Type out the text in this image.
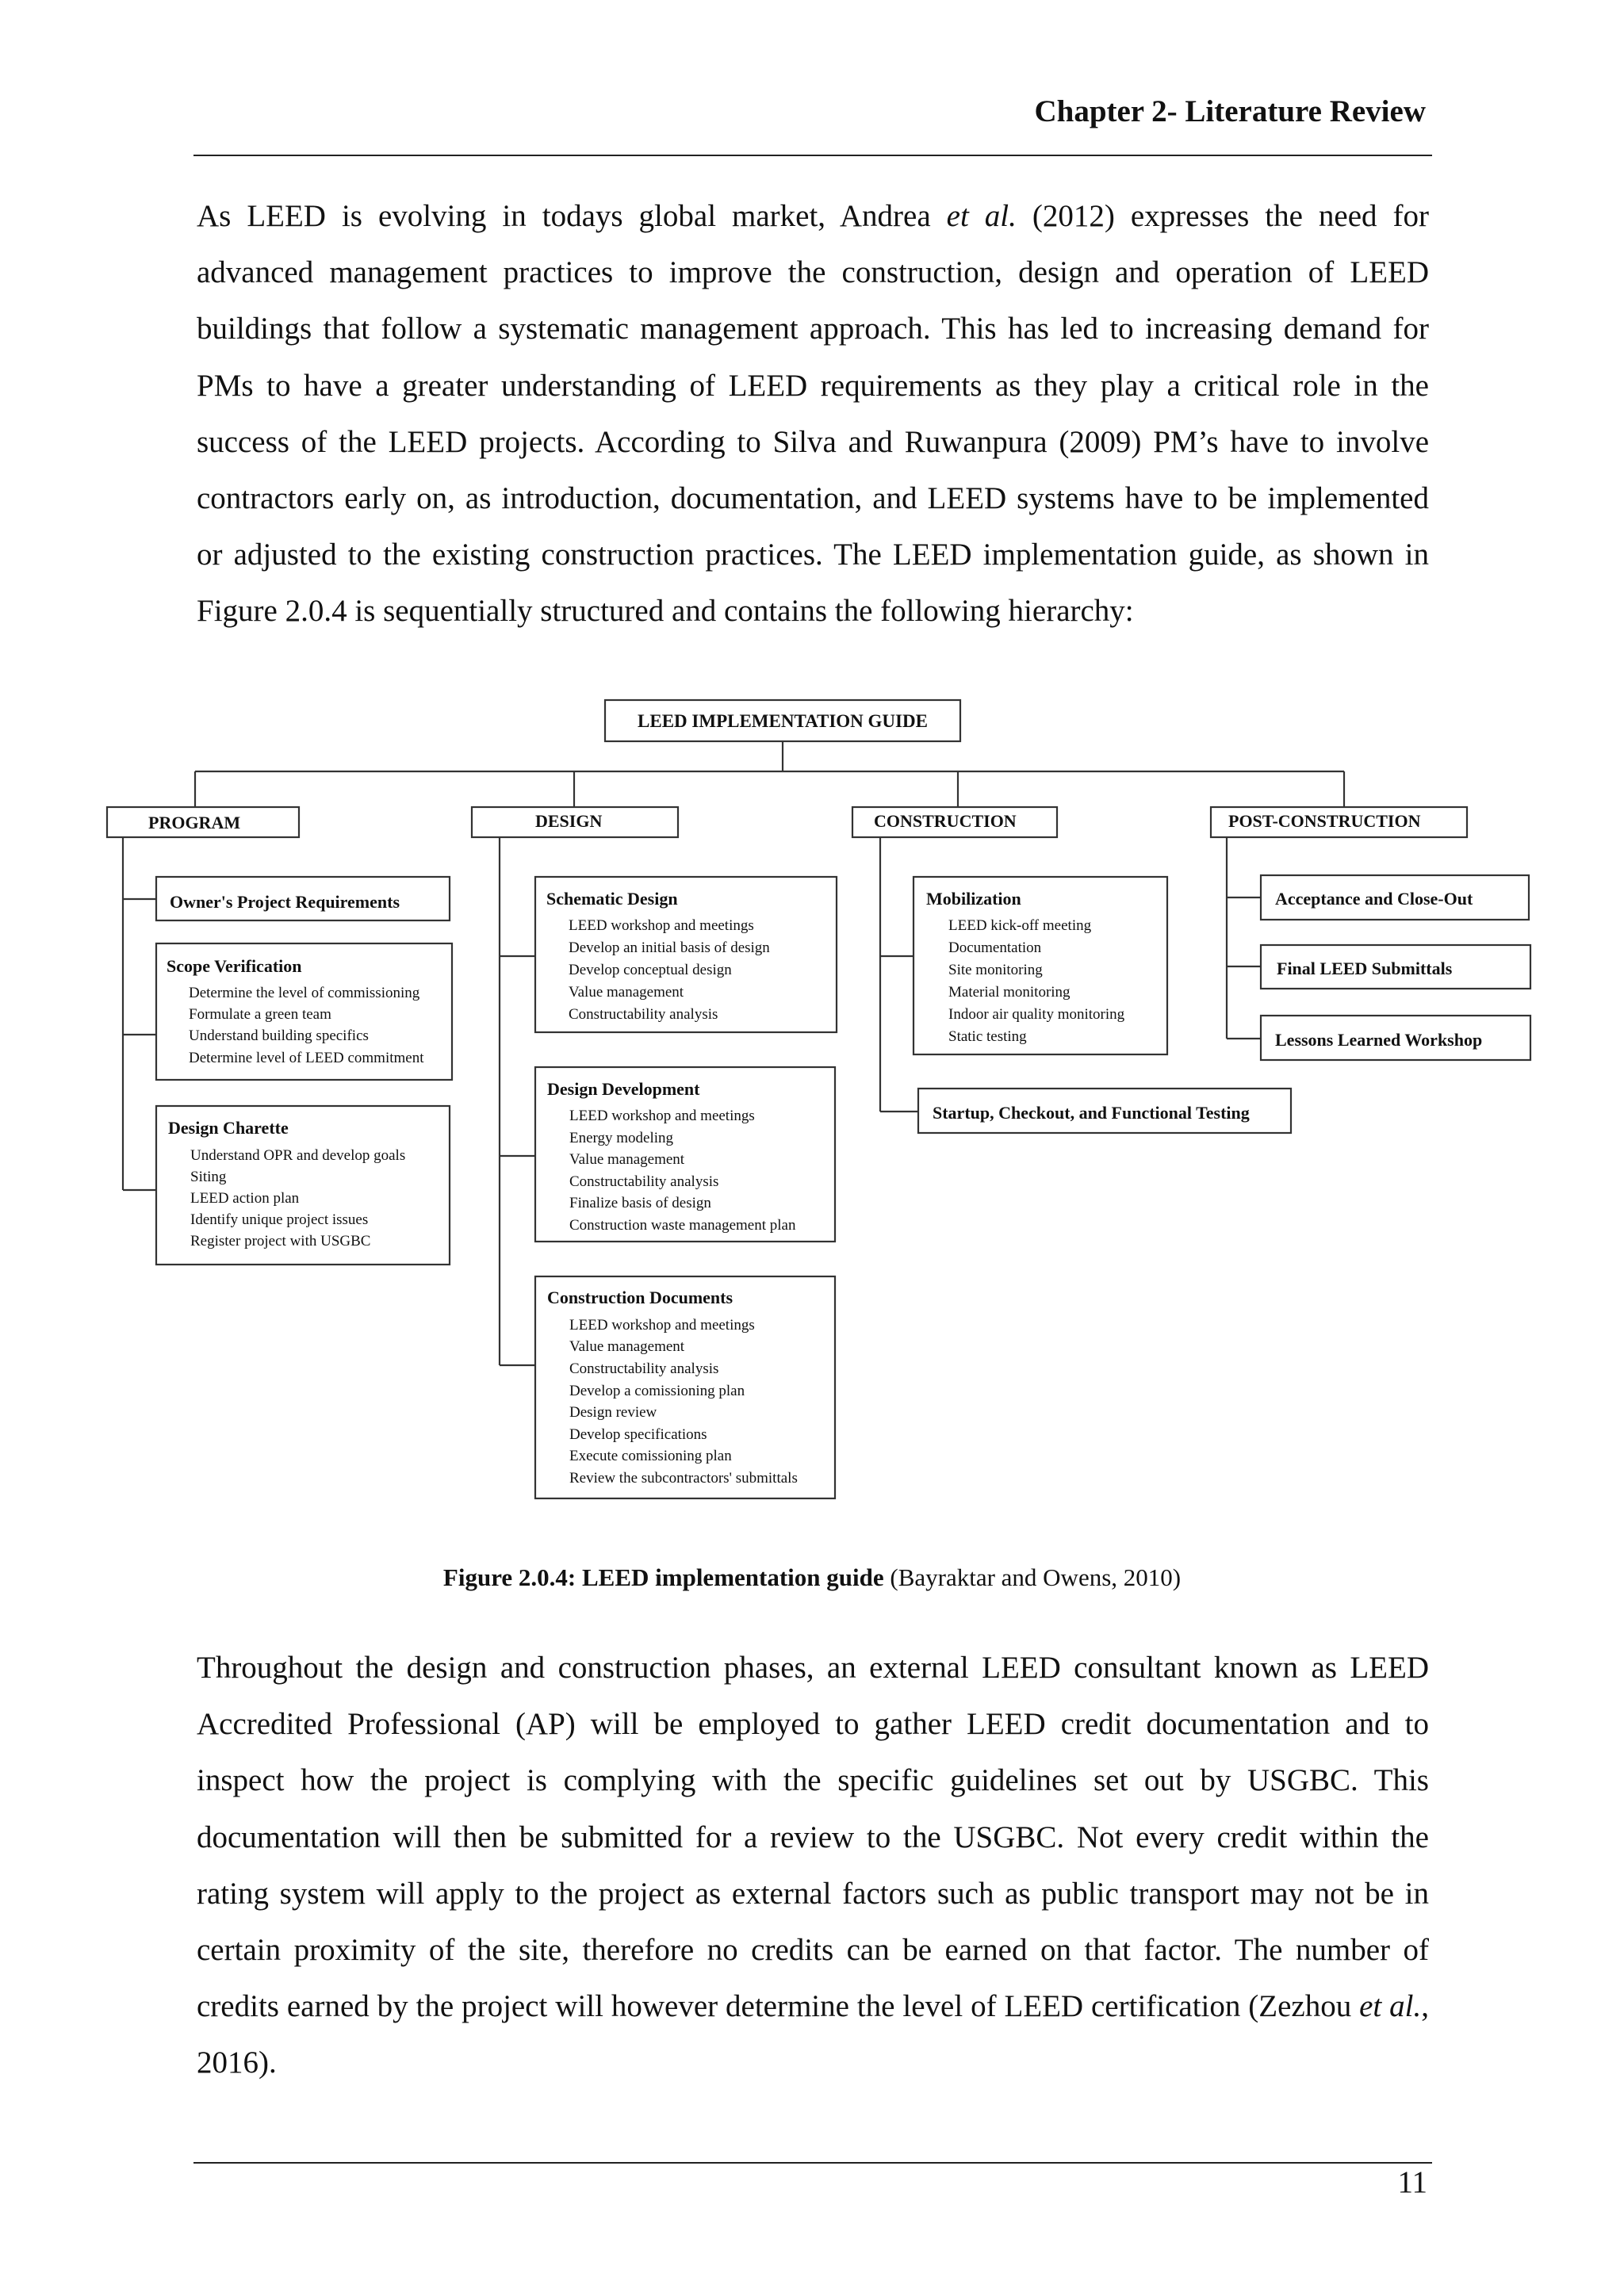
Chapter 2- Literature Review

As LEED is evolving in todays global market, Andrea et al. (2012) expresses the need for advanced management practices to improve the construction, design and operation of LEED buildings that follow a systematic management approach. This has led to increasing demand for PMs to have a greater understanding of LEED requirements as they play a critical role in the success of the LEED projects. According to Silva and Ruwanpura (2009) PM’s have to involve contractors early on, as introduction, documentation, and LEED systems have to be implemented or adjusted to the existing construction practices. The LEED implementation guide, as shown in Figure 2.0.4 is sequentially structured and contains the following hierarchy:

LEED IMPLEMENTATION GUIDE
PROGRAM	DESIGN	CONSTRUCTION	POST-CONSTRUCTION
Owner's Project Requirements
Scope Verification
Determine the level of commissioning
Formulate a green team
Understand building specifics
Determine level of LEED commitment
Design Charette
Understand OPR and develop goals
Siting
LEED action plan
Identify unique project issues
Register project with USGBC
Schematic Design
LEED workshop and meetings
Develop an initial basis of design
Develop conceptual design
Value management
Constructability analysis
Design Development
LEED workshop and meetings
Energy modeling
Value management
Constructability analysis
Finalize basis of design
Construction waste management plan
Construction Documents
LEED workshop and meetings
Value management
Constructability analysis
Develop a comissioning plan
Design review
Develop specifications
Execute comissioning plan
Review the subcontractors' submittals
Mobilization
LEED kick-off meeting
Documentation
Site monitoring
Material monitoring
Indoor air quality monitoring
Static testing
Startup, Checkout, and Functional Testing
Acceptance and Close-Out
Final LEED Submittals
Lessons Learned Workshop
Figure 2.0.4: LEED implementation guide (Bayraktar and Owens, 2010)

Throughout the design and construction phases, an external LEED consultant known as LEED Accredited Professional (AP) will be employed to gather LEED credit documentation and to inspect how the project is complying with the specific guidelines set out by USGBC. This documentation will then be submitted for a review to the USGBC. Not every credit within the rating system will apply to the project as external factors such as public transport may not be in certain proximity of the site, therefore no credits can be earned on that factor. The number of credits earned by the project will however determine the level of LEED certification (Zezhou et al., 2016).

11
